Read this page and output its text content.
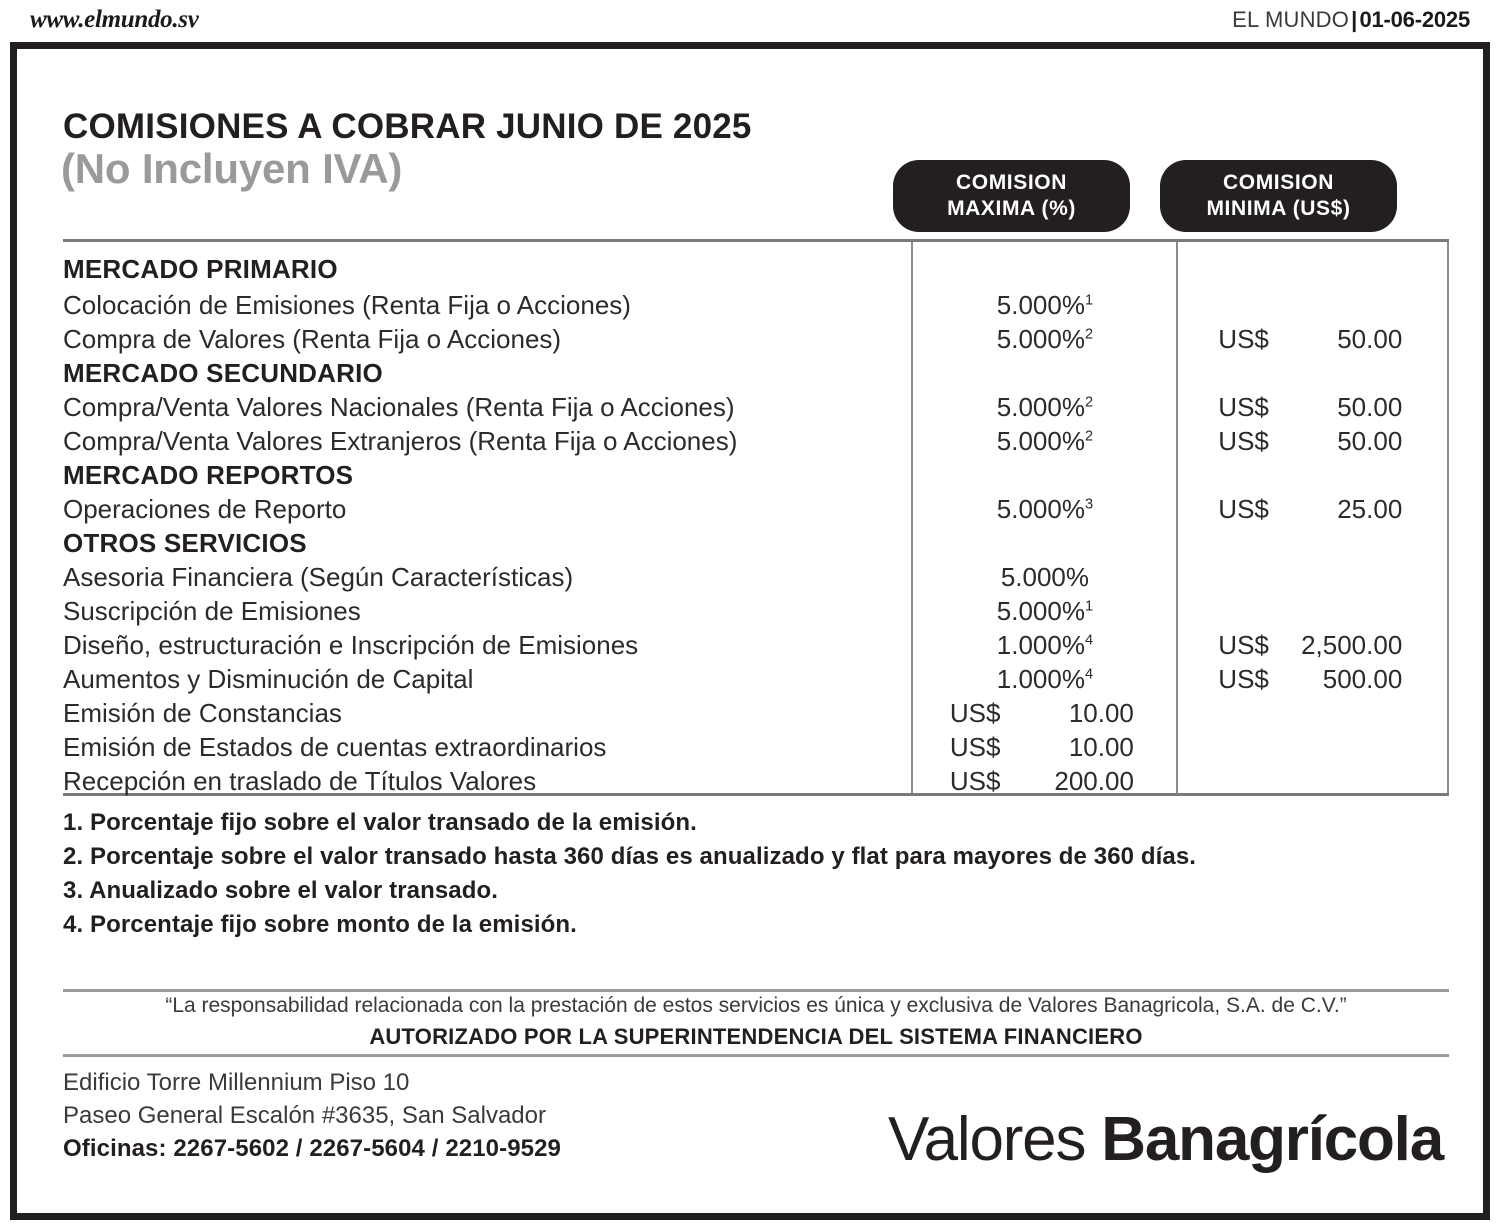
www.elmundo.sv	EL MUNDO|01-06-2025
COMISIONES A COBRAR JUNIO DE 2025
(No Incluyen IVA)	COMISION
MAXIMA (%)
COMISION
MINIMA (US$)
MERCADO PRIMARIO		
Colocación de Emisiones (Renta Fija o Acciones)	5.000%$^1$	
Compra de Valores (Renta Fija o Acciones)	5.000%$^2$	US$ 50.00
MERCADO SECUNDARIO		
Compra/Venta Valores Nacionales (Renta Fija o Acciones)	5.000%$^2$	US$ 50.00
Compra/Venta Valores Extranjeros (Renta Fija o Acciones)	5.000%$^2$	US$ 50.00
MERCADO REPORTOS		
Operaciones de Reporto	5.000%$^3$	US$ 25.00
OTROS SERVICIOS		
Asesoria Financiera (Según Características)	5.000%	
Suscripción de Emisiones	5.000%$^1$	
Diseño, estructuración e Inscripción de Emisiones	1.000%$^4$	US$ 2,500.00
Aumentos y Disminución de Capital	1.000%$^4$	US$ 500.00
Emisión de Constancias	US$ 10.00	
Emisión de Estados de cuentas extraordinarios	US$ 10.00	
Recepción en traslado de Títulos Valores	US$ 200.00	
1. Porcentaje fijo sobre el valor transado de la emisión.
2. Porcentaje sobre el valor transado hasta 360 días es anualizado y flat para mayores de 360 días.
3. Anualizado sobre el valor transado.
4. Porcentaje fijo sobre monto de la emisión.
“La responsabilidad relacionada con la prestación de estos servicios es única y exclusiva de Valores Banagricola, S.A. de C.V.”
AUTORIZADO POR LA SUPERINTENDENCIA DEL SISTEMA FINANCIERO
Edificio Torre Millennium Piso 10
Paseo General Escalón #3635, San Salvador
Oficinas: 2267-5602 / 2267-5604 / 2210-9529	Valores Banagrícola
